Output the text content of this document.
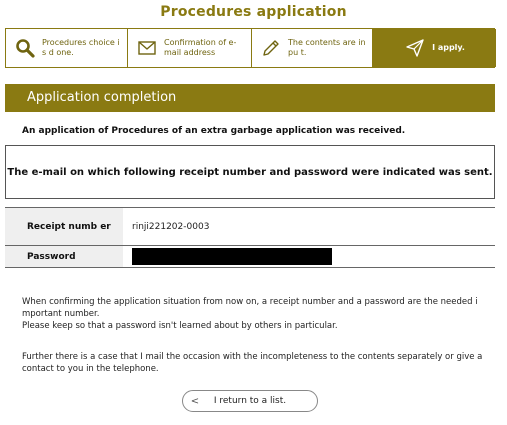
Procedures application
Procedures choice is d one.
Confirmation of e-mail address
The contents are inpu t.
I apply.
Application completion
An application of Procedures of an extra garbage application was received.
The e-mail on which following receipt number and password were indicated was sent.
Receipt numb er	rinji221202-0003
Password	
When confirming the application situation from now on, a receipt number and a password are the needed i mportant number.
Please keep so that a password isn't learned about by others in particular.
Further there is a case that I mail the occasion with the incompleteness to the contents separately or give a contact to you in the telephone.
<	I return to a list.
